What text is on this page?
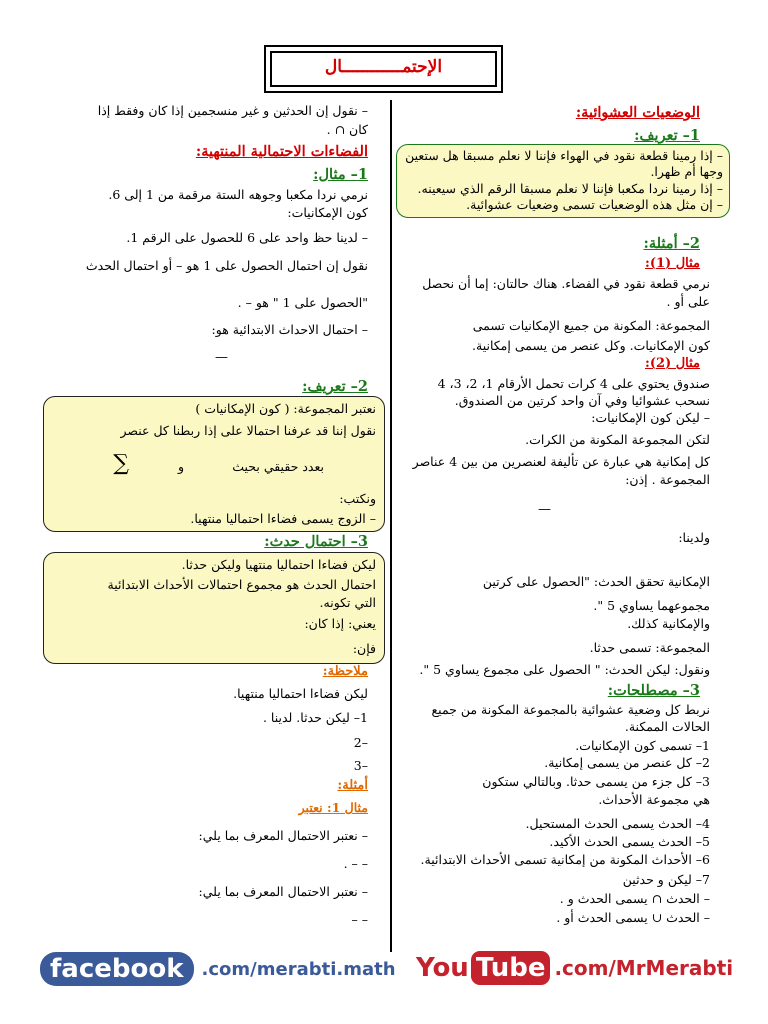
الإحتمــــــــــــال
الوضعيات العشوائية:
1– تعريف:
– إذا رمينا قطعة نقود في الهواء فإننا لا نعلم مسبقا هل ستعين
وجها أم ظهرا.
– إذا رمينا نردا مكعبا فإننا لا نعلم مسبقا الرقم الذي سيعينه.
– إن مثل هذه الوضعيات تسمى وضعيات عشوائية.
2– أمثلة:
مثال (1):
نرمي قطعة نقود في الفضاء. هناك حالتان: إما أن نحصل
على أو .
المجموعة: المكونة من جميع الإمكانيات تسمى
كون الإمكانيات. وكل عنصر من يسمى إمكانية.
مثال (2):
صندوق يحتوي على 4 كرات تحمل الأرقام 1، 2، 3، 4
نسحب عشوائيا وفي آن واحد كرتين من الصندوق.
– ليكن كون الإمكانيات:
لتكن المجموعة المكونة من الكرات.
كل إمكانية هي عبارة عن تأليفة لعنصرين من بين 4 عناصر
المجموعة . إذن:
—
ولدينا:
الإمكانية تحقق الحدث: "الحصول على كرتين
مجموعهما يساوي 5 ".
والإمكانية كذلك.
المجموعة: تسمى حدثا.
ونقول: ليكن الحدث: " الحصول على مجموع يساوي 5 ".
3– مصطلحات:
نربط كل وضعية عشوائية بالمجموعة المكونة من جميع
الحالات الممكنة.
1– تسمى كون الإمكانيات.
2– كل عنصر من يسمى إمكانية.
3– كل جزء من يسمى حدثا. وبالتالي ستكون
هي مجموعة الأحداث.
4– الحدث يسمى الحدث المستحيل.
5– الحدث يسمى الحدث الأكيد.
6– الأحداث المكونة من إمكانية تسمى الأحداث الابتدائية.
7– ليكن و حدثين
– الحدث ∩ يسمى الحدث و .
– الحدث ∪ يسمى الحدث أو .
– نقول إن الحدثين و غير منسجمين إذا كان وفقط إذا
كان ∩ .
الفضاءات الاحتمالية المنتهية:
1– مثال:
نرمي نردا مكعبا وجوهه الستة مرقمة من 1 إلى 6.
كون الإمكانيات:
– لدينا حظ واحد على 6 للحصول على الرقم 1.
نقول إن احتمال الحصول على 1 هو – أو احتمال الحدث
"الحصول على 1 " هو – .
– احتمال الاحداث الابتدائية هو:
—
2– تعريف:
نعتبر المجموعة: ( كون الإمكانيات )
نقول إننا قد عرفنا احتمالا على إذا ربطنا كل عنصر
بعدد حقيقي بحيث
و
∑
ونكتب:
– الزوج يسمى فضاءا احتماليا منتهيا.
3– احتمال حدث:
ليكن فضاءا احتماليا منتهيا وليكن حدثا.
احتمال الحدث هو مجموع احتمالات الأحداث الابتدائية
التي تكونه.
يعني: إذا كان:
فإن:
ملاحظة:
ليكن فضاءا احتماليا منتهيا.
1– ليكن حدثا. لدينا .
–2
–3
أمثلة:
مثال 1: نعتبر
– نعتبر الاحتمال المعرف بما يلي:
– – .
– نعتبر الاحتمال المعرف بما يلي:
– –
facebook	.com/merabti.math You Tube .com/MrMerabti
